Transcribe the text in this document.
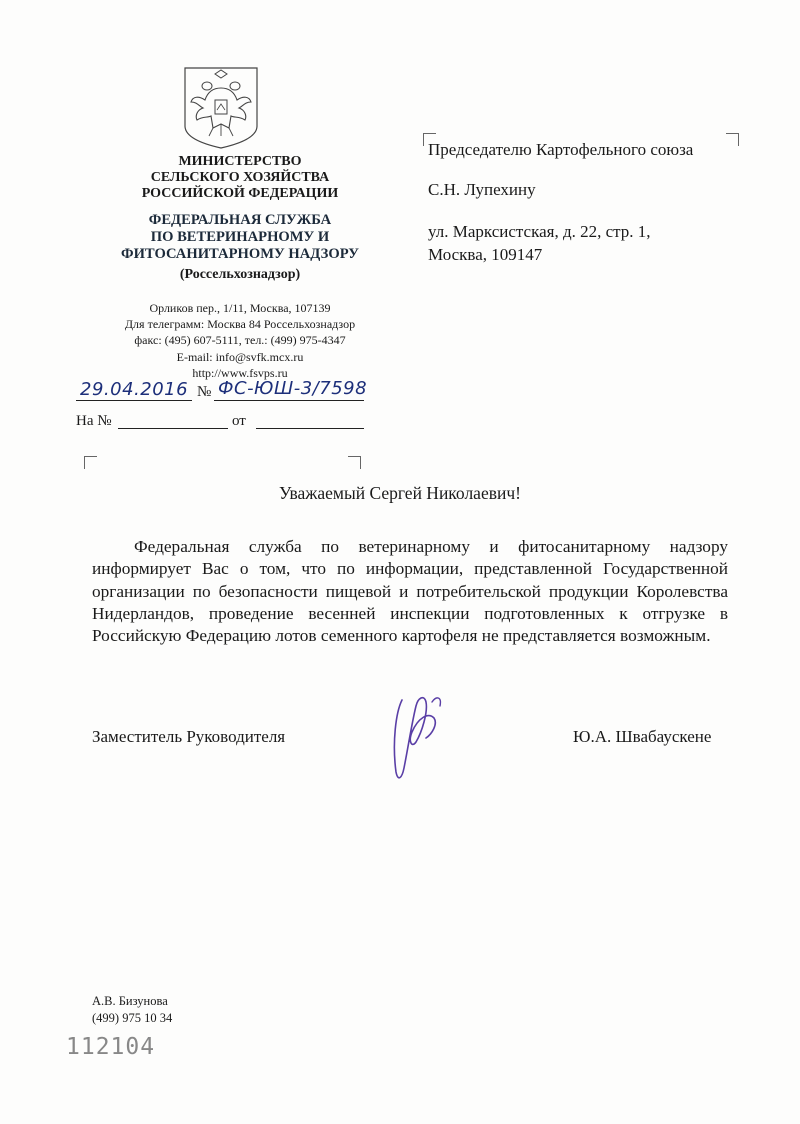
МИНИСТЕРСТВО
СЕЛЬСКОГО ХОЗЯЙСТВА
РОССИЙСКОЙ ФЕДЕРАЦИИ
ФЕДЕРАЛЬНАЯ СЛУЖБА
ПО ВЕТЕРИНАРНОМУ И
ФИТОСАНИТАРНОМУ НАДЗОРУ
(Россельхознадзор)
Орликов пер., 1/11, Москва, 107139
Для телеграмм: Москва 84 Россельхознадзор
факс: (495) 607-5111, тел.: (499) 975-4347
E-mail: info@svfk.mcx.ru
http://www.fsvps.ru
29.04.2016 № ФС-ЮШ-3/7598
На №	от
Председателю Картофельного союза
С.Н. Лупехину
ул. Марксистская, д. 22, стр. 1,
Москва, 109147
Уважаемый Сергей Николаевич!
Федеральная служба по ветеринарному и фитосанитарному надзору информирует Вас о том, что по информации, представленной Государственной организации по безопасности пищевой и потребительской продукции Королевства Нидерландов, проведение весенней инспекции подготовленных к отгрузке в Российскую Федерацию лотов семенного картофеля не представляется возможным.
Заместитель Руководителя	Ю.А. Швабаускене
А.В. Бизунова
(499) 975 10 34
112104
